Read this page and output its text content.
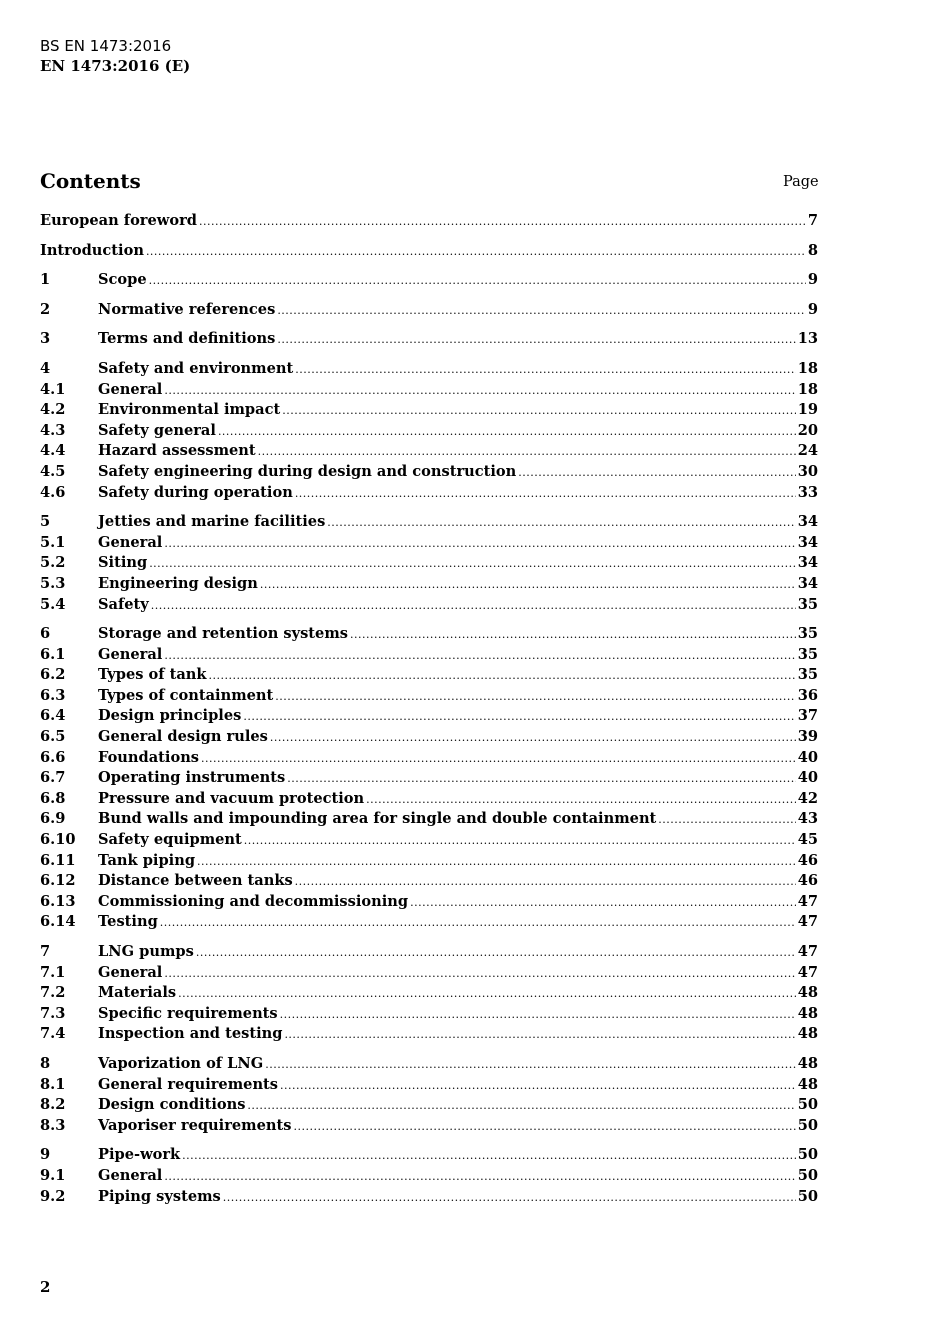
BS EN 1473:2016
EN 1473:2016 (E)
Contents	Page
European foreword .....	7
Introduction .....	8
1	Scope .....	9
2	Normative references .....	9
3	Terms and definitions .....	13
4	Safety and environment .....	18
4.1	General .....	18
4.2	Environmental impact .....	19
4.3	Safety general .....	20
4.4	Hazard assessment .....	24
4.5	Safety engineering during design and construction .....	30
4.6	Safety during operation .....	33
5	Jetties and marine facilities .....	34
5.1	General .....	34
5.2	Siting .....	34
5.3	Engineering design .....	34
5.4	Safety .....	35
6	Storage and retention systems .....	35
6.1	General .....	35
6.2	Types of tank .....	35
6.3	Types of containment .....	36
6.4	Design principles .....	37
6.5	General design rules .....	39
6.6	Foundations .....	40
6.7	Operating instruments .....	40
6.8	Pressure and vacuum protection .....	42
6.9	Bund walls and impounding area for single and double containment .....	43
6.10	Safety equipment .....	45
6.11	Tank piping .....	46
6.12	Distance between tanks .....	46
6.13	Commissioning and decommissioning .....	47
6.14	Testing .....	47
7	LNG pumps .....	47
7.1	General .....	47
7.2	Materials .....	48
7.3	Specific requirements .....	48
7.4	Inspection and testing .....	48
8	Vaporization of LNG .....	48
8.1	General requirements .....	48
8.2	Design conditions .....	50
8.3	Vaporiser requirements .....	50
9	Pipe-work .....	50
9.1	General .....	50
9.2	Piping systems .....	50
2
